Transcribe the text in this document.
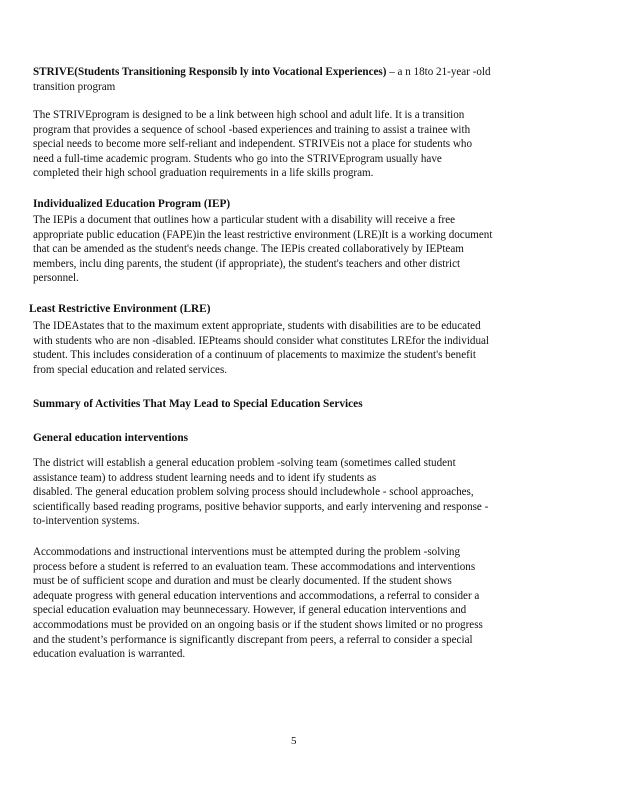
STRIVE(Students Transitioning Responsib ly into Vocational Experiences) – a n 18to 21-year -old
transition program
The STRIVEprogram is designed to be a link between high school and adult life. It is a transition
program that provides a sequence of school -based experiences and training to assist a trainee with
special needs to become more self-reliant and independent. STRIVEis not a place for students who
need a full-time academic program. Students who go into the STRIVEprogram usually have
completed their high school graduation requirements in a life skills program.
Individualized Education Program (IEP)
The IEPis a document that outlines how a particular student with a disability will receive a free
appropriate public education (FAPE)in the least restrictive environment (LRE)It is a working document
that can be amended as the student's needs change. The IEPis created collaboratively by IEPteam
members, inclu ding parents, the student (if appropriate), the student's teachers and other district
personnel.
Least Restrictive Environment (LRE)
The IDEAstates that to the maximum extent appropriate, students with disabilities are to be educated
with students who are non -disabled. IEPteams should consider what constitutes LREfor the individual
student. This includes consideration of a continuum of placements to maximize the student's benefit
from special education and related services.
Summary of Activities That May Lead to Special Education Services
General education interventions
The district will establish a general education problem -solving team (sometimes called student
assistance team) to address student learning needs and to ident ify students as
disabled. The general education problem solving process should includewhole - school approaches,
scientifically based reading programs, positive behavior supports, and early intervening and response -
to-intervention systems.
Accommodations and instructional interventions must be attempted during the problem -solving
process before a student is referred to an evaluation team. These accommodations and interventions
must be of sufficient scope and duration and must be clearly documented. If the student shows
adequate progress with general education interventions and accommodations, a referral to consider a
special education evaluation may beunnecessary. However, if general education interventions and
accommodations must be provided on an ongoing basis or if the student shows limited or no progress
and the student’s performance is significantly discrepant from peers, a referral to consider a special
education evaluation is warranted.
5
